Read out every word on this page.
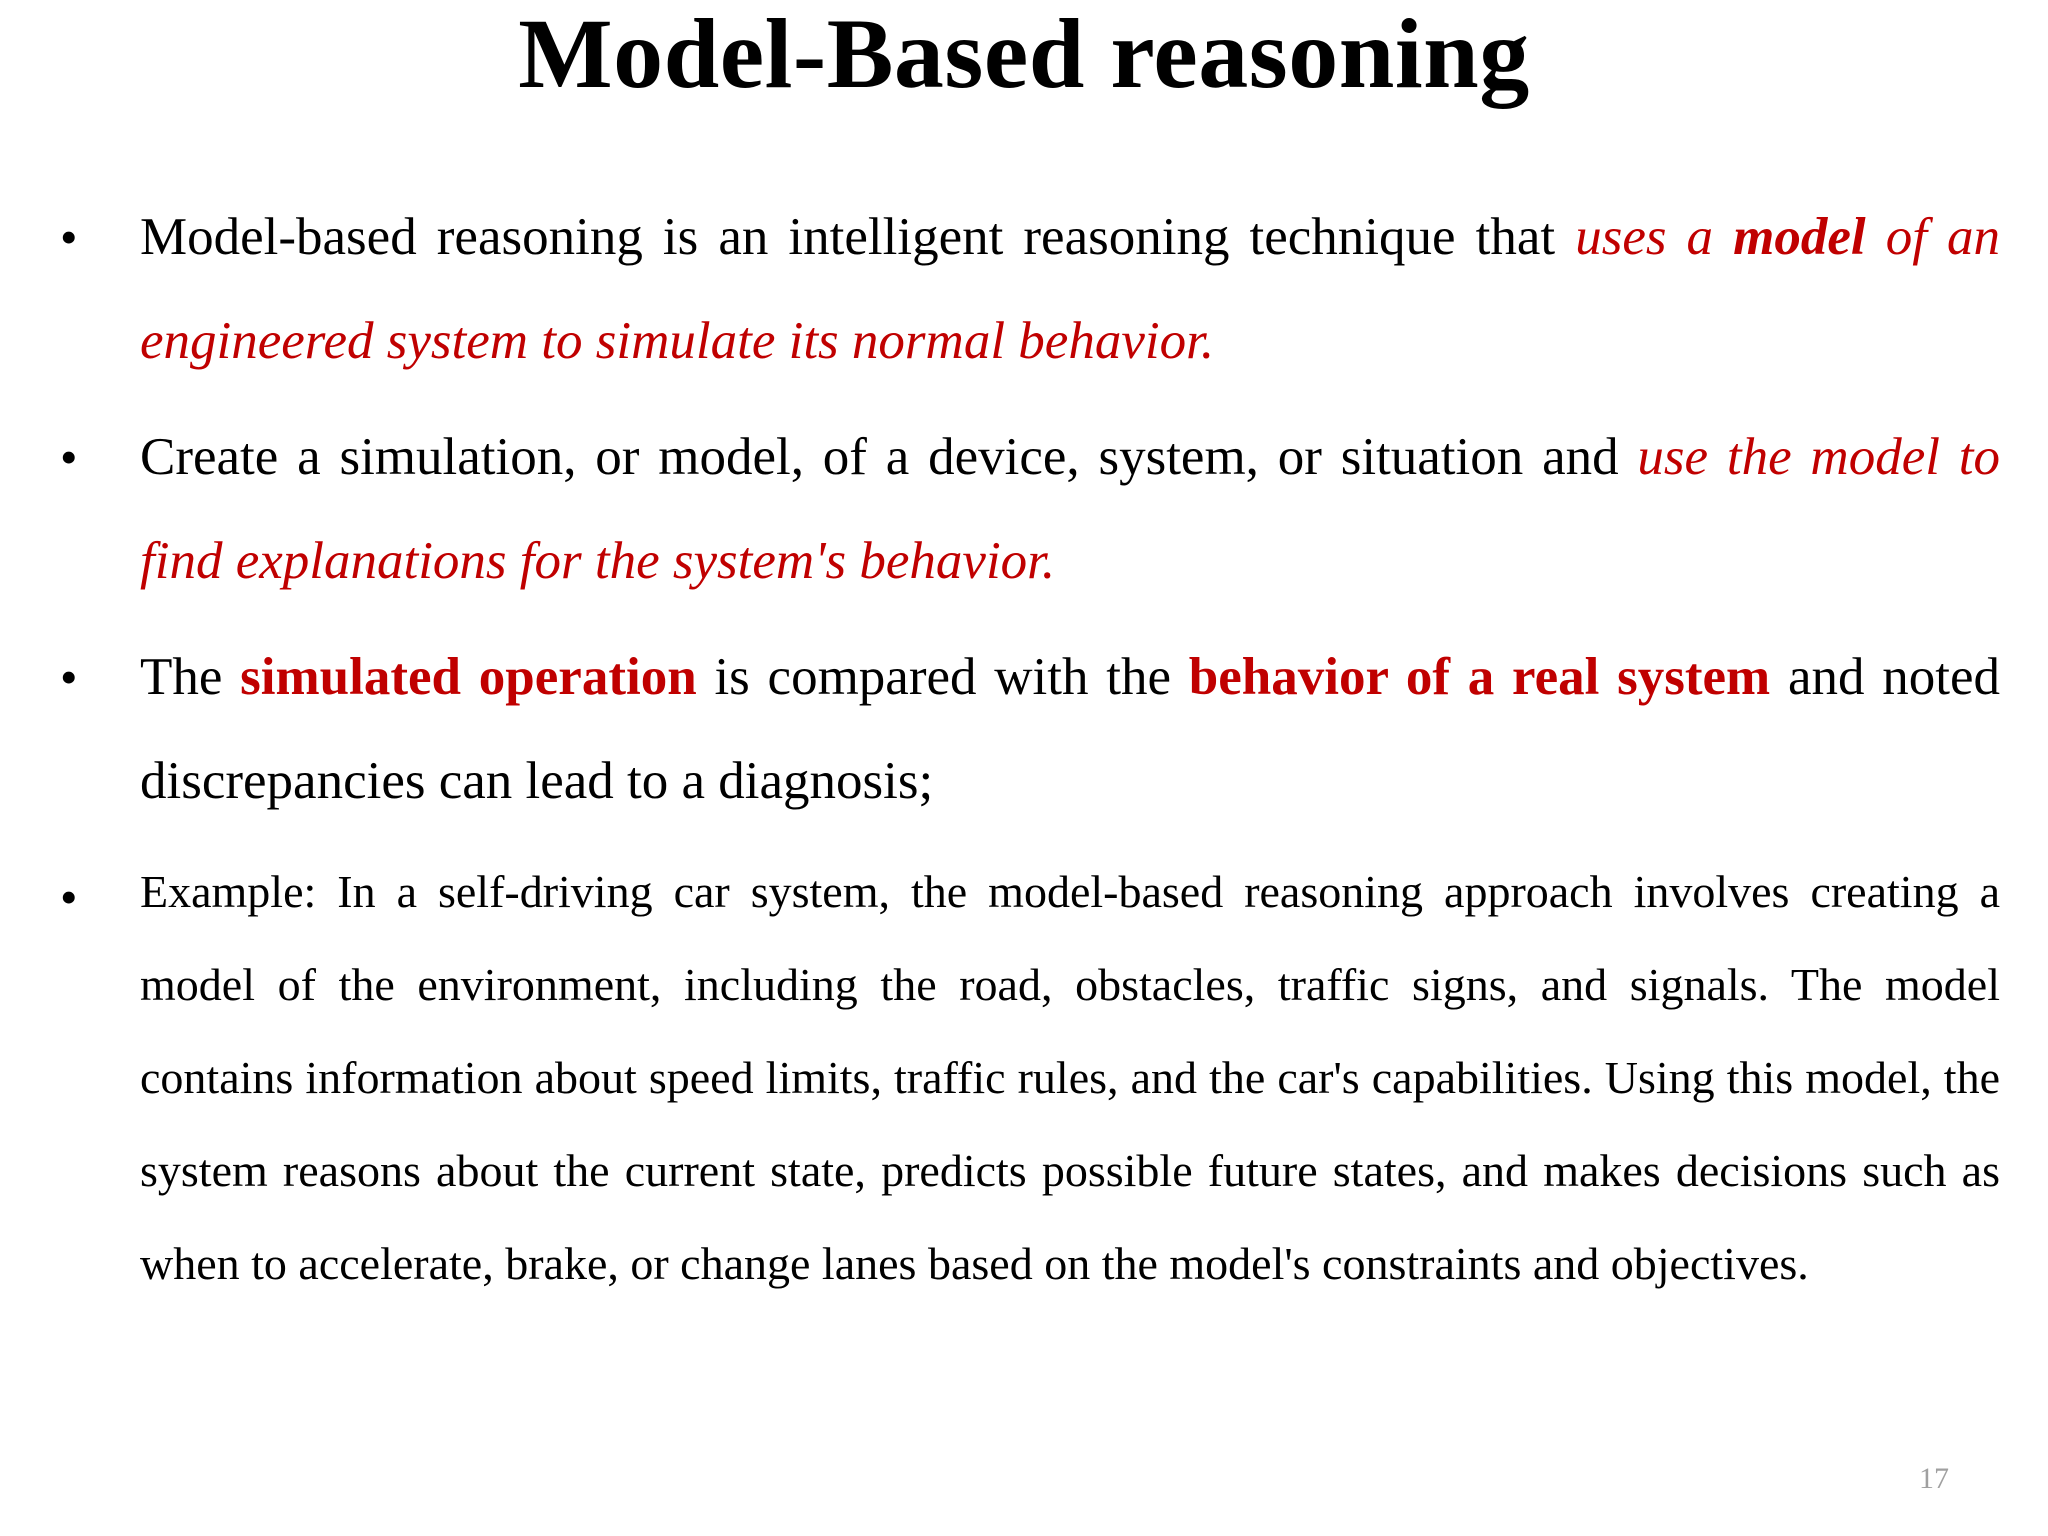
Model-Based reasoning
• Model-based reasoning is an intelligent reasoning technique that uses a model of an engineered system to simulate its normal behavior.

• Create a simulation, or model, of a device, system, or situation and use the model to find explanations for the system's behavior.

• The simulated operation is compared with the behavior of a real system and noted discrepancies can lead to a diagnosis;

• Example: In a self-driving car system, the model-based reasoning approach involves creating a model of the environment, including the road, obstacles, traffic signs, and signals. The model contains information about speed limits, traffic rules, and the car's capabilities. Using this model, the system reasons about the current state, predicts possible future states, and makes decisions such as when to accelerate, brake, or change lanes based on the model's constraints and objectives.

17
